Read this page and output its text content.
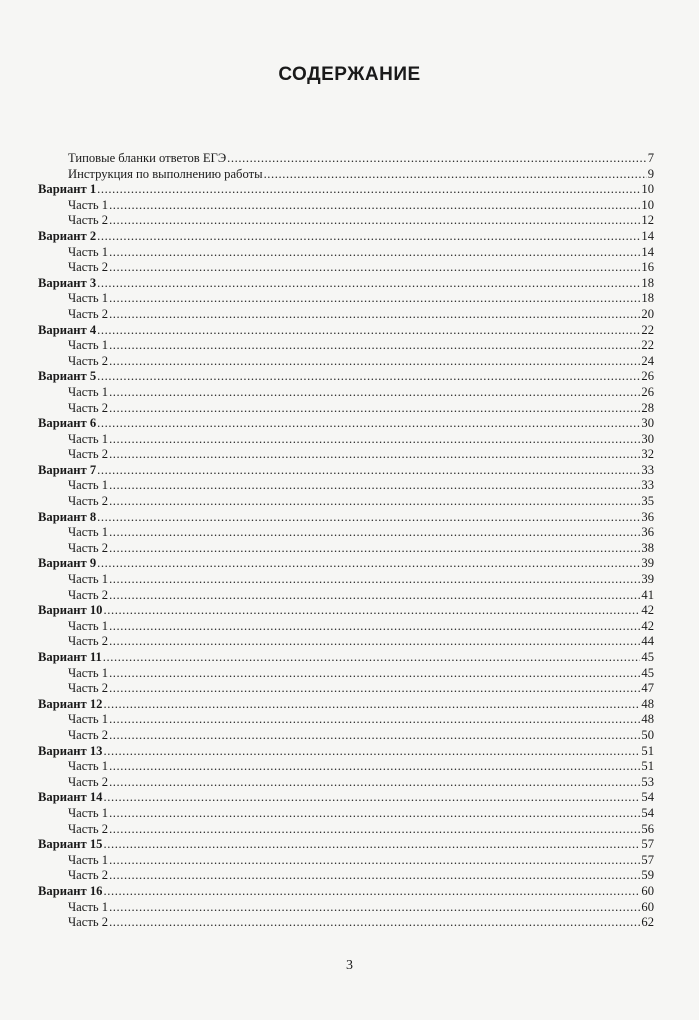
СОДЕРЖАНИЕ
Типовые бланки ответов ЕГЭ .....	7
Инструкция по выполнению работы .....	9
Вариант 1 .....	10
Часть 1 .....	10
Часть 2 .....	12
Вариант 2 .....	14
Часть 1 .....	14
Часть 2 .....	16
Вариант 3 .....	18
Часть 1 .....	18
Часть 2 .....	20
Вариант 4 .....	22
Часть 1 .....	22
Часть 2 .....	24
Вариант 5 .....	26
Часть 1 .....	26
Часть 2 .....	28
Вариант 6 .....	30
Часть 1 .....	30
Часть 2 .....	32
Вариант 7 .....	33
Часть 1 .....	33
Часть 2 .....	35
Вариант 8 .....	36
Часть 1 .....	36
Часть 2 .....	38
Вариант 9 .....	39
Часть 1 .....	39
Часть 2 .....	41
Вариант 10 .....	42
Часть 1 .....	42
Часть 2 .....	44
Вариант 11 .....	45
Часть 1 .....	45
Часть 2 .....	47
Вариант 12 .....	48
Часть 1 .....	48
Часть 2 .....	50
Вариант 13 .....	51
Часть 1 .....	51
Часть 2 .....	53
Вариант 14 .....	54
Часть 1 .....	54
Часть 2 .....	56
Вариант 15 .....	57
Часть 1 .....	57
Часть 2 .....	59
Вариант 16 .....	60
Часть 1 .....	60
Часть 2 .....	62
3
